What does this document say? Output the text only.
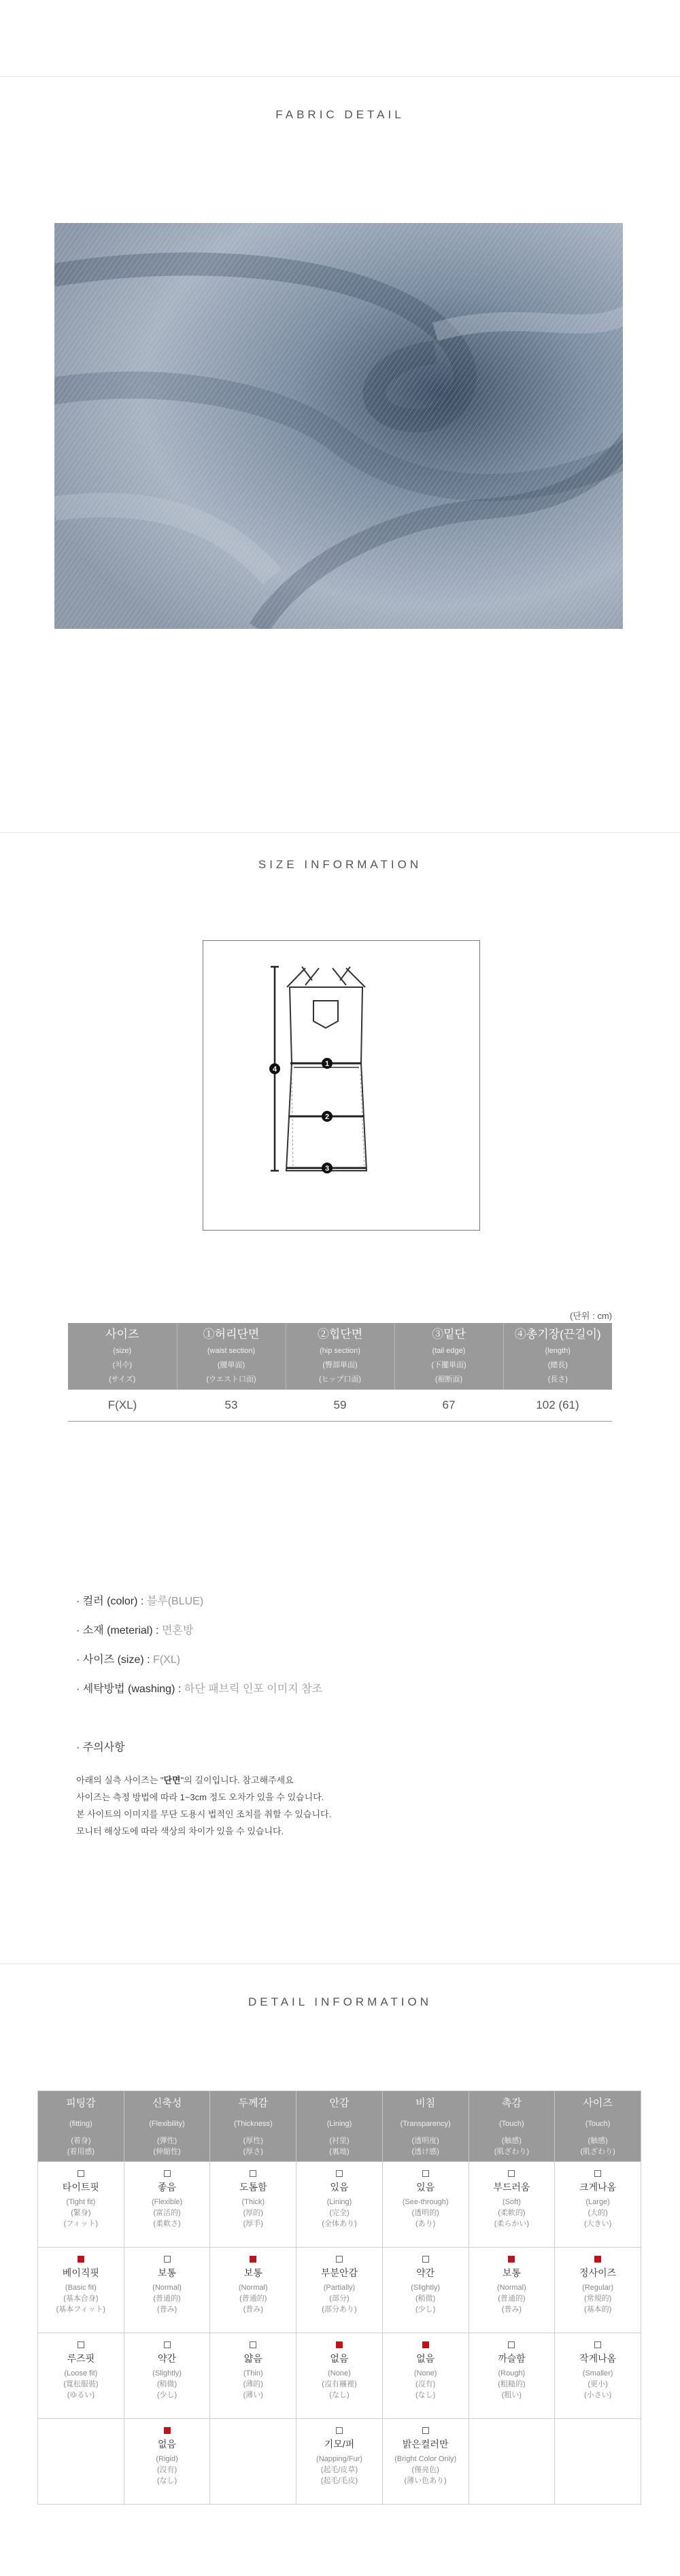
FABRIC DETAIL
SIZE INFORMATION
1
2
3
4
(단위 : cm)
사이즈
(size)
(치수)
(サイズ)	①허리단면
(waist section)
(腰単面)
(ウエスト口面)	②힙단면
(hip section)
(臀部単面)
(ヒップ口面)	③밑단
(tail edge)
(下擺単面)
(裾断面)	④총기장(끈길이)
(length)
(總長)
(長さ)

F(XL)	53	59	67	102 (61)
· 컬러 (color) : 블루(BLUE)
· 소재 (meterial) : 면혼방
· 사이즈 (size) : F(XL)
· 세탁방법 (washing) : 하단 패브릭 인포 이미지 참조
· 주의사항
아래의 실측 사이즈는 "단면"의 길이입니다. 참고해주세요
사이즈는 측정 방법에 따라 1~3cm 정도 오차가 있을 수 있습니다.
본 사이트의 이미지를 무단 도용시 법적인 조치를 취할 수 있습니다.
모니터 해상도에 따라 색상의 차이가 있을 수 있습니다.
DETAIL INFORMATION
피팅감
(fitting)
(着身)
(着用感)	신축성
(Flexibility)
(彈性)
(伸縮性)	두께감
(Thickness)
(厚性)
(厚さ)	안감
(Lining)
(衬里)
(裏地)	비침
(Transparency)
(透明度)
(透け感)	촉감
(Touch)
(触感)
(肌ざわり)	사이즈
(Touch)
(触感)
(肌ざわり)

타이트핏
(Tight fit)
(緊身)
(フィット)	좋음
(Flexible)
(富活的)
(柔軟さ)	도톰함
(Thick)
(厚的)
(厚手)	있음
(Lining)
(完全)
(全体あり)	있음
(See-through)
(透明的)
(あり)	부드러움
(Soft)
(柔軟的)
(柔らかい)	크게나옴
(Large)
(大的)
(大きい)

베이직핏
(Basic fit)
(基本合身)
(基本フィット)	보통
(Normal)
(普通的)
(普み)	보통
(Normal)
(普通的)
(普み)	부분안감
(Partially)
(部分)
(部分あり)	약간
(Slightly)
(稍微)
(少し)	보통
(Normal)
(普通的)
(普み)	정사이즈
(Regular)
(常規的)
(基本的)

루즈핏
(Loose fit)
(寬松服裝)
(ゆるい)	약간
(Slightly)
(稍微)
(少し)	얇음
(Thin)
(薄的)
(薄い)	없음
(None)
(沒有襯裡)
(なし)	없음
(None)
(沒有)
(なし)	까슬함
(Rough)
(粗糙的)
(粗い)	작게나옴
(Smaller)
(更小)
(小さい)

	없음
(Rigid)
(沒有)
(なし)		기모/퍼
(Napping/Fur)
(起毛/皮草)
(起毛/毛皮)	밝은컬러만
(Bright Color Only)
(僅亮色)
(薄い色あり)		
